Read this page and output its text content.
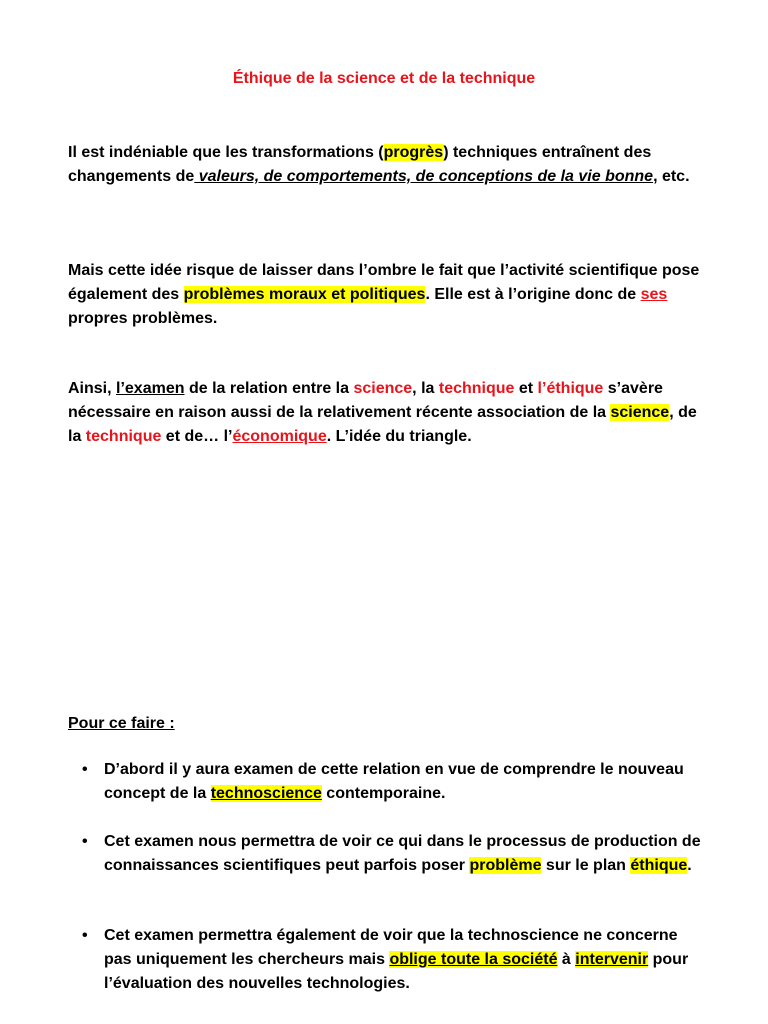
Éthique de la science et de la technique

Il est indéniable que les transformations (progrès) techniques entraînent des changements de valeurs, de comportements, de conceptions de la vie bonne, etc.

Mais cette idée risque de laisser dans l’ombre le fait que l’activité scientifique pose également des problèmes moraux et politiques. Elle est à l’origine donc de ses propres problèmes.

Ainsi, l’examen de la relation entre la science, la technique et l’éthique s’avère nécessaire en raison aussi de la relativement récente association de la science, de la technique et de… l’économique. L’idée du triangle.

Pour ce faire :

• D’abord il y aura examen de cette relation en vue de comprendre le nouveau concept de la technoscience contemporaine.
• Cet examen nous permettra de voir ce qui dans le processus de production de connaissances scientifiques peut parfois poser problème sur le plan éthique.
• Cet examen permettra également de voir que la technoscience ne concerne pas uniquement les chercheurs mais oblige toute la société à intervenir pour l’évaluation des nouvelles technologies.
